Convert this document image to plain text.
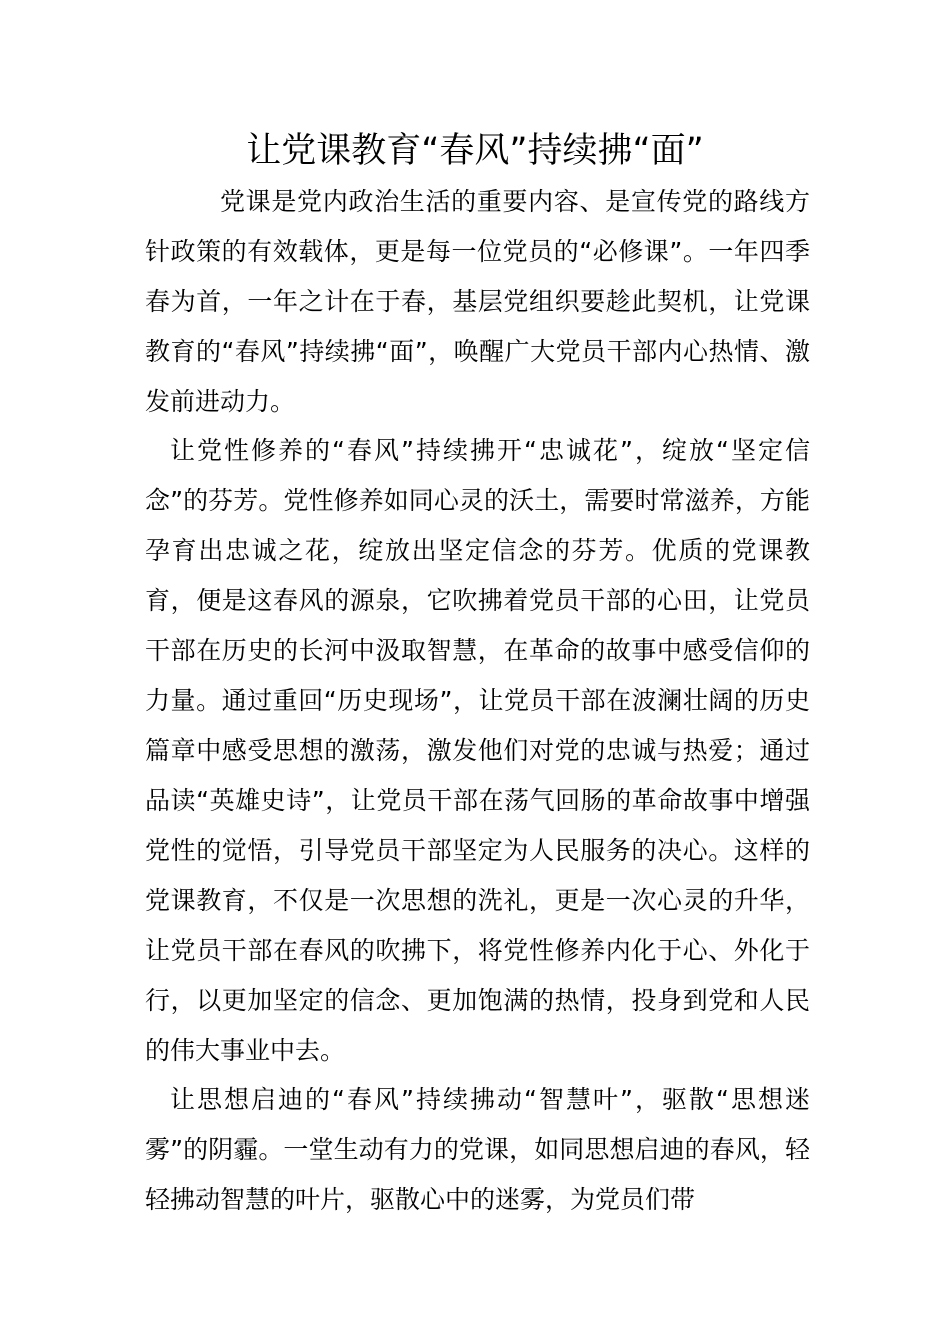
让党课教育“春风”持续拂“面”

党课是党内政治生活的重要内容、是宣传党的路线方针政策的有效载体，更是每一位党员的“必修课”。一年四季春为首，一年之计在于春，基层党组织要趁此契机，让党课教育的“春风”持续拂“面”，唤醒广大党员干部内心热情、激发前进动力。

让党性修养的“春风”持续拂开“忠诚花”，绽放“坚定信念”的芬芳。党性修养如同心灵的沃土，需要时常滋养，方能孕育出忠诚之花，绽放出坚定信念的芬芳。优质的党课教育，便是这春风的源泉，它吹拂着党员干部的心田，让党员干部在历史的长河中汲取智慧，在革命的故事中感受信仰的力量。通过重回“历史现场”，让党员干部在波澜壮阔的历史篇章中感受思想的激荡，激发他们对党的忠诚与热爱；通过品读“英雄史诗”，让党员干部在荡气回肠的革命故事中增强党性的觉悟，引导党员干部坚定为人民服务的决心。这样的党课教育，不仅是一次思想的洗礼，更是一次心灵的升华，让党员干部在春风的吹拂下，将党性修养内化于心、外化于行，以更加坚定的信念、更加饱满的热情，投身到党和人民的伟大事业中去。

让思想启迪的“春风”持续拂动“智慧叶”，驱散“思想迷雾”的阴霾。一堂生动有力的党课，如同思想启迪的春风，轻轻拂动智慧的叶片，驱散心中的迷雾，为党员们带
